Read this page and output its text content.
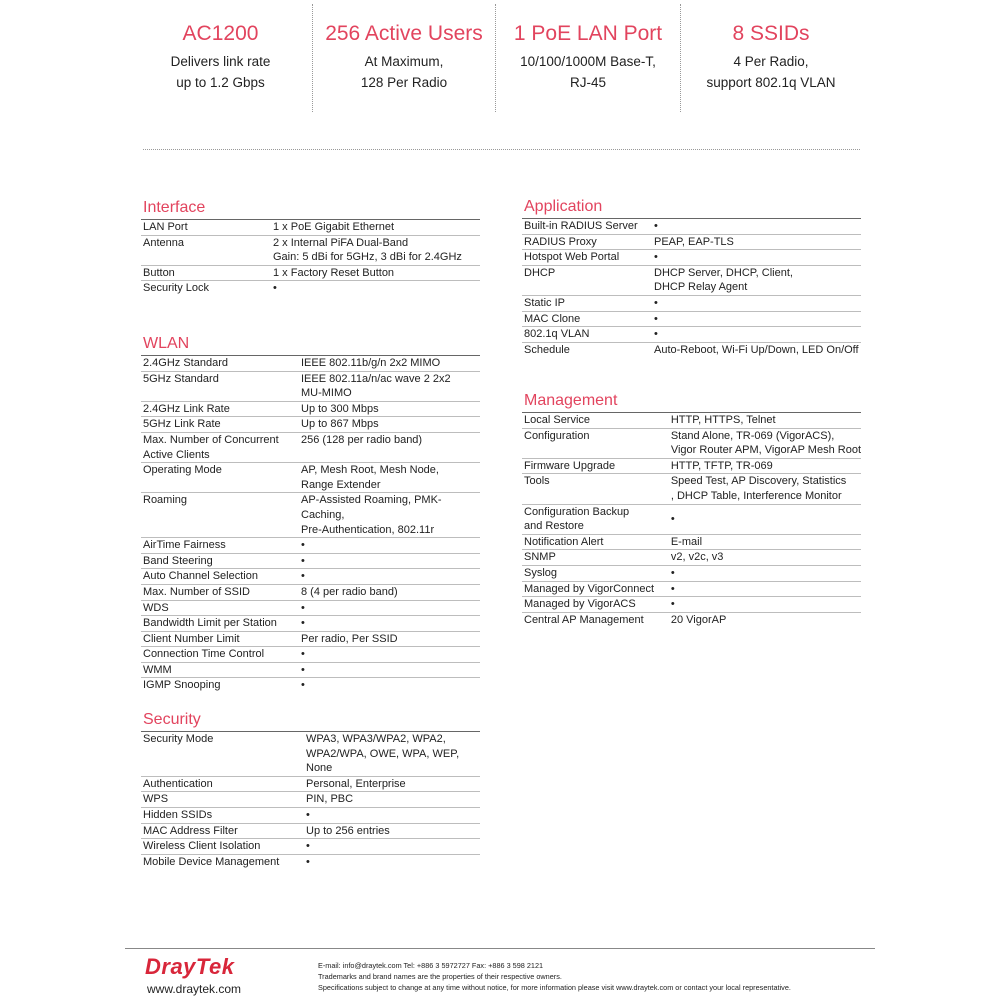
AC1200
Delivers link rate
up to 1.2 Gbps
256 Active Users
At Maximum,
128 Per Radio
1 PoE LAN Port
10/100/1000M Base-T,
RJ-45
8 SSIDs
4 Per Radio,
support 802.1q VLAN
Interface
LAN Port	1 x PoE Gigabit Ethernet
Antenna	2 x Internal PiFA Dual-Band
Gain: 5 dBi for 5GHz, 3 dBi for 2.4GHz

Button	1 x Factory Reset Button
Security Lock	•
WLAN
2.4GHz Standard	IEEE 802.11b/g/n 2x2 MIMO
5GHz Standard	IEEE 802.11a/n/ac wave 2 2x2
MU-MIMO

2.4GHz Link Rate	Up to 300 Mbps
5GHz Link Rate	Up to 867 Mbps

Max. Number of Concurrent
Active Clients	256 (128 per radio band)
Operating Mode	AP, Mesh Root, Mesh Node,
Range Extender

Roaming	AP-Assisted Roaming, PMK-Caching,
Pre-Authentication, 802.11r

AirTime Fairness	•
Band Steering	•
Auto Channel Selection	•
Max. Number of SSID	8 (4 per radio band)
WDS	•
Bandwidth Limit per Station	•
Client Number Limit	Per radio, Per SSID
Connection Time Control	•
WMM	•
IGMP Snooping	•
Security
Security Mode	WPA3, WPA3/WPA2, WPA2,
WPA2/WPA, OWE, WPA, WEP, None

Authentication	Personal, Enterprise
WPS	PIN, PBC
Hidden SSIDs	•
MAC Address Filter	Up to 256 entries
Wireless Client Isolation	•
Mobile Device Management	•
Application
Built-in RADIUS Server	•
RADIUS Proxy	PEAP, EAP-TLS
Hotspot Web Portal	•
DHCP	DHCP Server, DHCP, Client,
DHCP Relay Agent

Static IP	•
MAC Clone	•
802.1q VLAN	•
Schedule	Auto-Reboot, Wi-Fi Up/Down, LED On/Off
Management
Local Service	HTTP, HTTPS, Telnet
Configuration	Stand Alone, TR-069 (VigorACS),
Vigor Router APM, VigorAP Mesh Root

Firmware Upgrade	HTTP, TFTP, TR-069
Tools	Speed Test, AP Discovery, Statistics
, DHCP Table, Interference Monitor

Configuration Backup
and Restore	•
Notification Alert	E-mail
SNMP	v2, v2c, v3
Syslog	•
Managed by VigorConnect	•
Managed by VigorACS	•
Central AP Management	20 VigorAP
DrayTek
www.draytek.com
E-mail: info@draytek.com Tel: +886 3 5972727 Fax: +886 3 598 2121
Trademarks and brand names are the properties of their respective owners.
Specifications subject to change at any time without notice, for more information please visit www.draytek.com or contact your local representative.
